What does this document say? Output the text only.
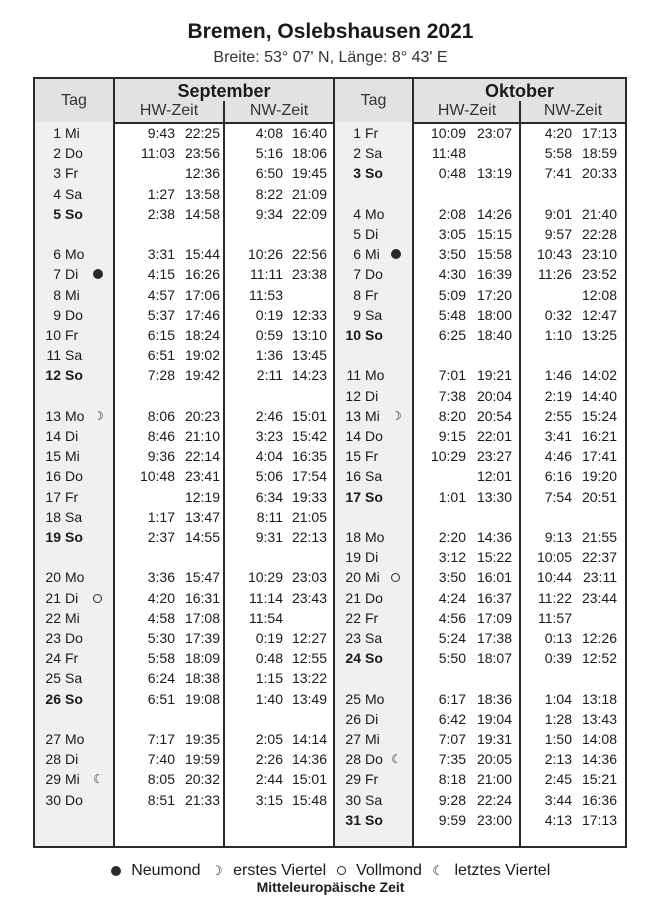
Bremen, Oslebshausen 2021
Breite: 53° 07' N, Länge: 8° 43' E
Tag	September
HW-Zeit	NW-Zeit
Tag	Oktober
HW-Zeit	NW-Zeit
1 Mi	9:43 22:25	4:08 16:40
2 Do	11:03 23:56	5:16 18:06
3 Fr	12:36	6:50 19:45
4 Sa	1:27 13:58	8:22 21:09
5 So	2:38 14:58	9:34 22:09
6 Mo	3:31 15:44	10:26 22:56
7 Di	4:15 16:26	11:11 23:38
8 Mi	4:57 17:06	11:53
9 Do	5:37 17:46	0:19 12:33
10 Fr	6:15 18:24	0:59 13:10
11 Sa	6:51 19:02	1:36 13:45
12 So	7:28 19:42	2:11 14:23
13 Mo	8:06 20:23	2:46 15:01
☽
14 Di	8:46 21:10	3:23 15:42
15 Mi	9:36 22:14	4:04 16:35
16 Do	10:48 23:41	5:06 17:54
17 Fr	12:19	6:34 19:33
18 Sa	1:17 13:47	8:11 21:05
19 So	2:37 14:55	9:31 22:13
20 Mo	3:36 15:47	10:29 23:03
21 Di	4:20 16:31	11:14 23:43
22 Mi	4:58 17:08	11:54
23 Do	5:30 17:39	0:19 12:27
24 Fr	5:58 18:09	0:48 12:55
25 Sa	6:24 18:38	1:15 13:22
26 So	6:51 19:08	1:40 13:49
27 Mo	7:17 19:35	2:05 14:14
28 Di	7:40 19:59	2:26 14:36
29 Mi	8:05 20:32	2:44 15:01
☾
30 Do	8:51 21:33	3:15 15:48
1 Fr	10:09 23:07	4:20 17:13
2 Sa	11:48	5:58 18:59
3 So	0:48 13:19	7:41 20:33
4 Mo	2:08 14:26	9:01 21:40
5 Di	3:05 15:15	9:57 22:28
6 Mi	3:50 15:58	10:43 23:10
7 Do	4:30 16:39	11:26 23:52
8 Fr	5:09 17:20	12:08
9 Sa	5:48 18:00	0:32 12:47
10 So	6:25 18:40	1:10 13:25
11 Mo	7:01 19:21	1:46 14:02
12 Di	7:38 20:04	2:19 14:40
13 Mi	8:20 20:54	2:55 15:24
☽
14 Do	9:15 22:01	3:41 16:21
15 Fr	10:29 23:27	4:46 17:41
16 Sa	12:01	6:16 19:20
17 So	1:01 13:30	7:54 20:51
18 Mo	2:20 14:36	9:13 21:55
19 Di	3:12 15:22	10:05 22:37
20 Mi	3:50 16:01	10:44 23:11
21 Do	4:24 16:37	11:22 23:44
22 Fr	4:56 17:09	11:57
23 Sa	5:24 17:38	0:13 12:26
24 So	5:50 18:07	0:39 12:52
25 Mo	6:17 18:36	1:04 13:18
26 Di	6:42 19:04	1:28 13:43
27 Mi	7:07 19:31	1:50 14:08
28 Do	7:35 20:05	2:13 14:36
☾
29 Fr	8:18 21:00	2:45 15:21
30 Sa	9:28 22:24	3:44 16:36
31 So	9:59 23:00	4:13 17:13
Neumond ☽ erstes Viertel Vollmond ☾ letztes Viertel
Mitteleuropäische Zeit
